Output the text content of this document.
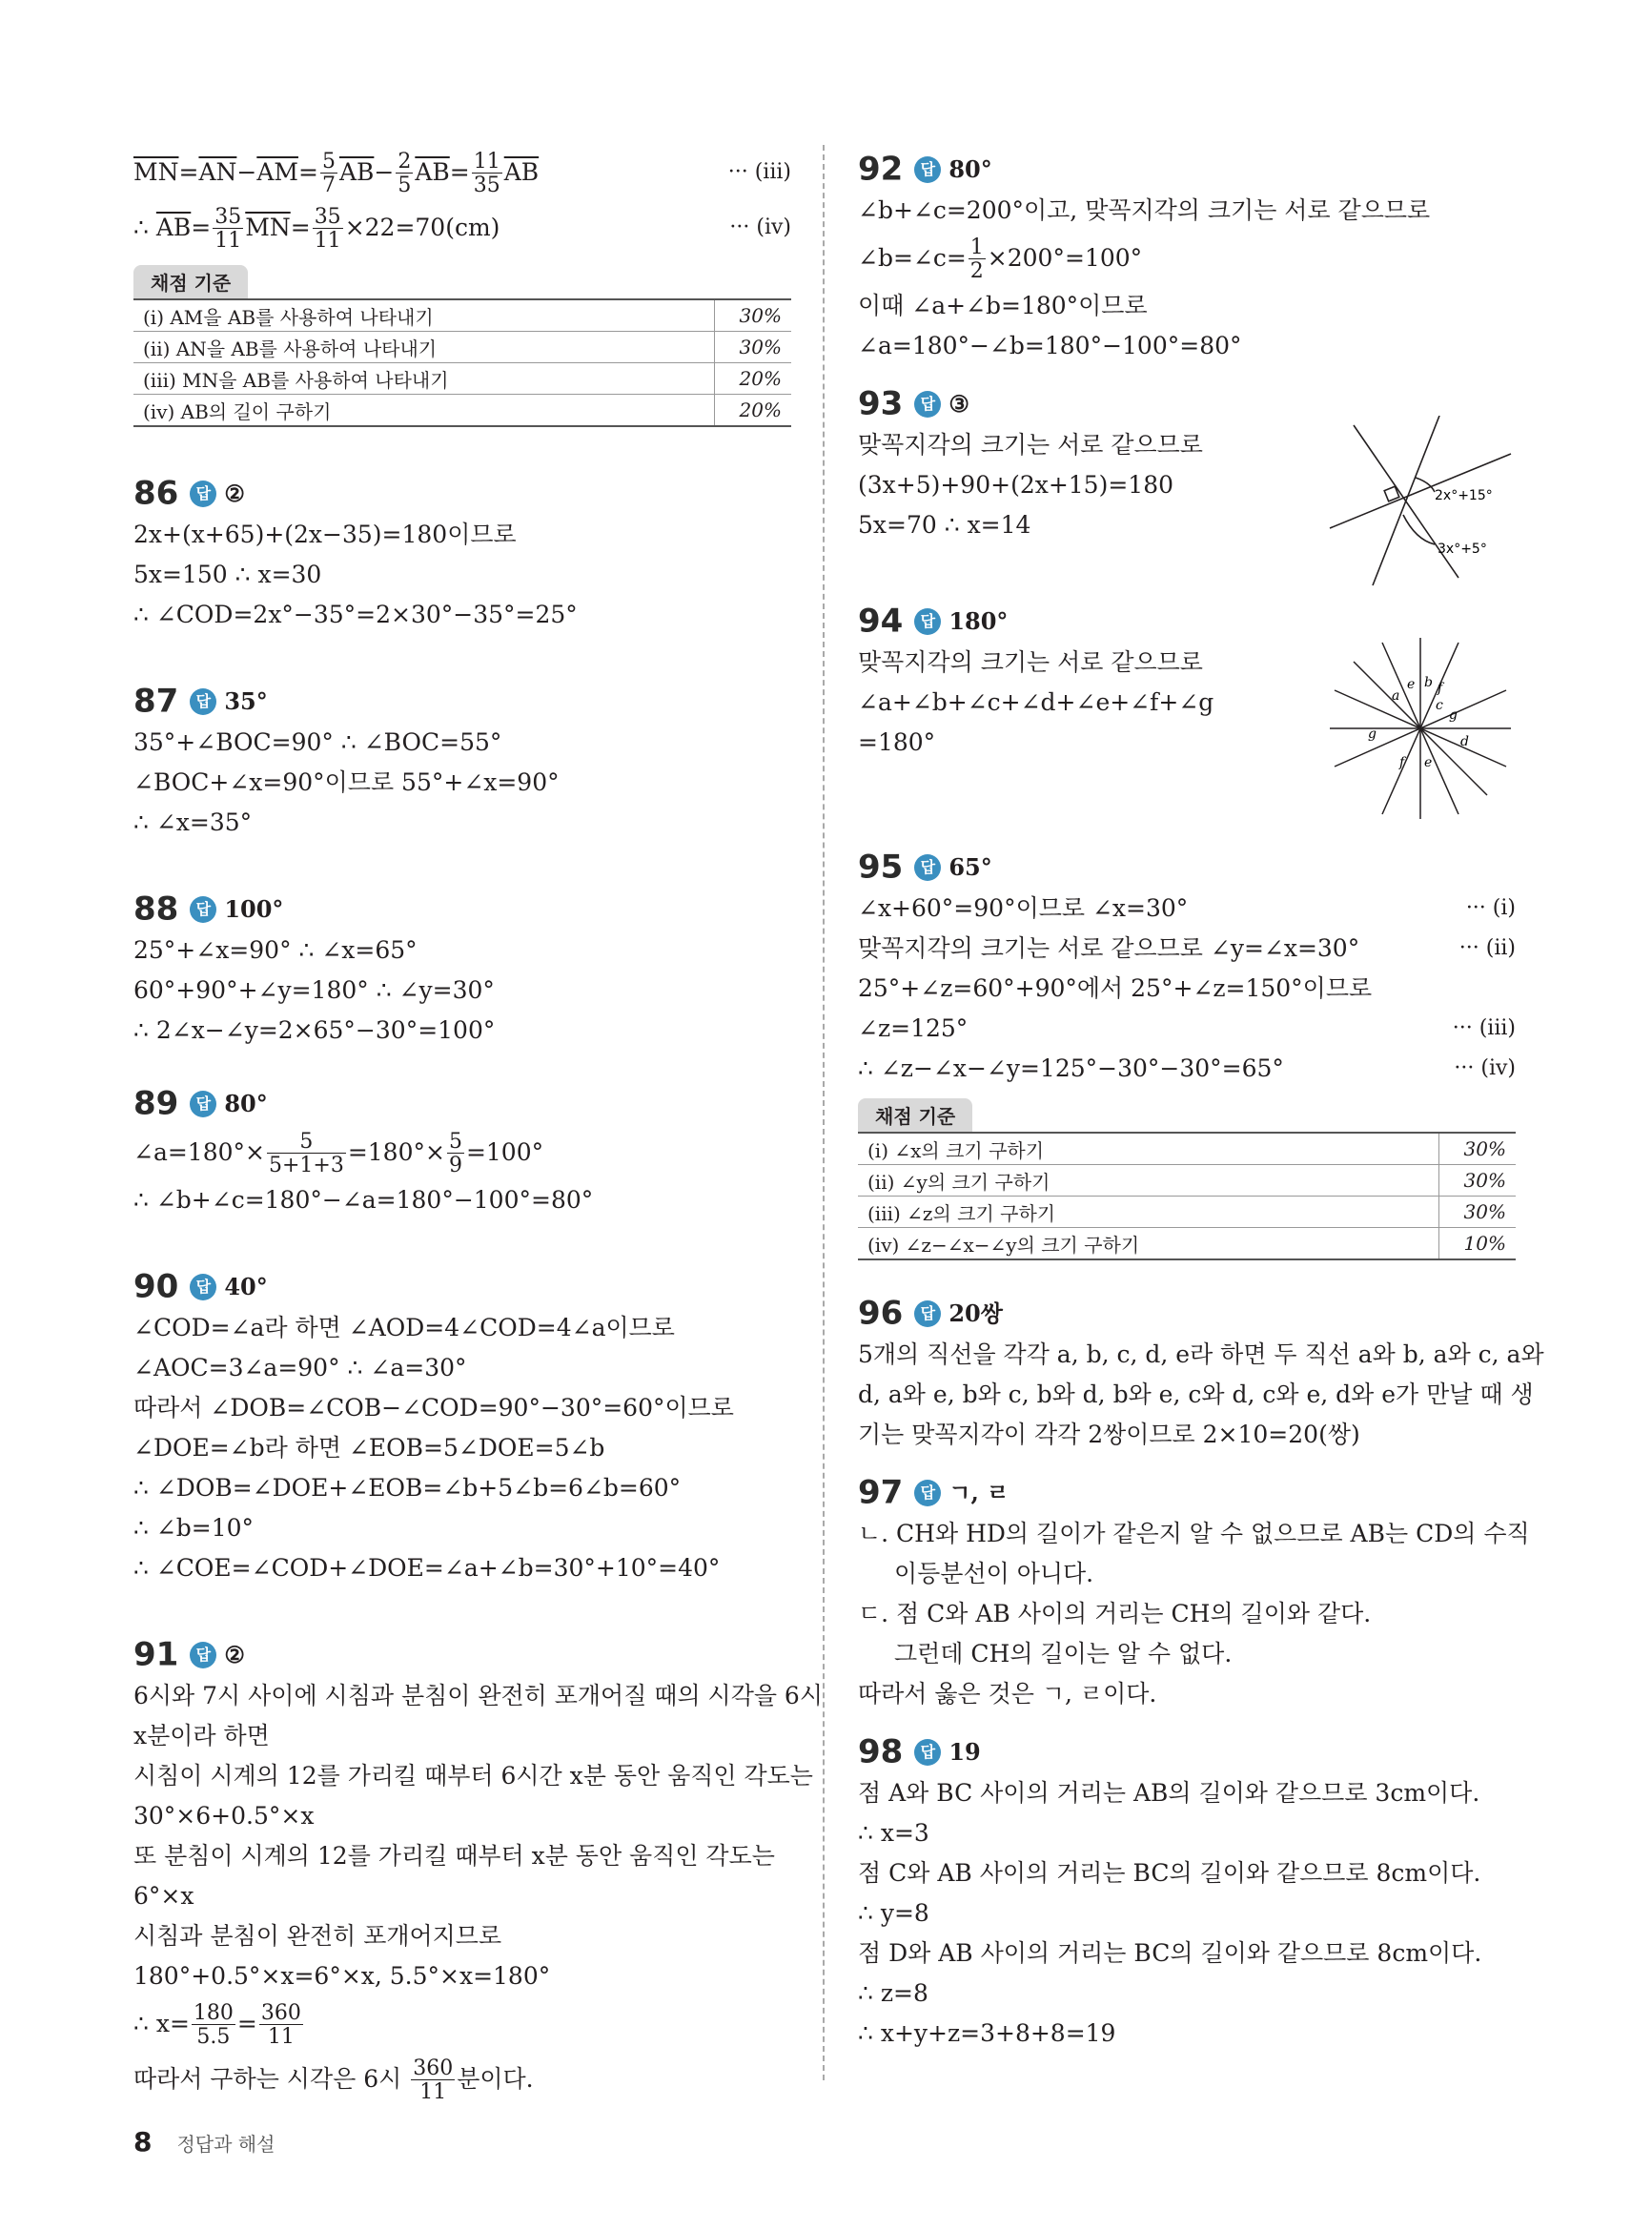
$\overline{MN}=\overline{AN}-\overline{AM}= \frac{5}{7} \overline{AB}- \frac{2}{5} \overline{AB}= \frac{11}{35} \overline{AB}$	··· (iii)
∴ $\overline{AB}= \frac{35}{11} \overline{MN}= \frac{35}{11} \times 22=70(cm)$	··· (iv)
채점 기준
(i) AM을 AB를 사용하여 나타내기	30%
(ii) AN을 AB를 사용하여 나타내기	30%
(iii) MN을 AB를 사용하여 나타내기	20%
(iv) AB의 길이 구하기	20%
86 답 ②
2x+(x+65)+(2x−35)=180이므로
5x=150 ∴ x=30
∴ ∠COD=2x°−35°=2×30°−35°=25°
87 답 35°
35°+∠BOC=90° ∴ ∠BOC=55°
∠BOC+∠x=90°이므로 55°+∠x=90°
∴ ∠x=35°
88 답 100°
25°+∠x=90° ∴ ∠x=65°
60°+90°+∠y=180° ∴ ∠y=30°
∴ 2∠x−∠y=2×65°−30°=100°
89 답 80°
∠a=180°× $\frac{5}{5+1+3} =180^\circ\times \frac{5}{9} =100^\circ$
∴ ∠b+∠c=180°−∠a=180°−100°=80°
90 답 40°
∠COD=∠a라 하면 ∠AOD=4∠COD=4∠a이므로
∠AOC=3∠a=90° ∴ ∠a=30°
따라서 ∠DOB=∠COB−∠COD=90°−30°=60°이므로
∠DOE=∠b라 하면 ∠EOB=5∠DOE=5∠b
∴ ∠DOB=∠DOE+∠EOB=∠b+5∠b=6∠b=60°
∴ ∠b=10°
∴ ∠COE=∠COD+∠DOE=∠a+∠b=30°+10°=40°
91 답 ②
6시와 7시 사이에 시침과 분침이 완전히 포개어질 때의 시각을 6시
x분이라 하면
시침이 시계의 12를 가리킬 때부터 6시간 x분 동안 움직인 각도는
30°×6+0.5°×x
또 분침이 시계의 12를 가리킬 때부터 x분 동안 움직인 각도는
6°×x
시침과 분침이 완전히 포개어지므로
180°+0.5°×x=6°×x, 5.5°×x=180°
∴ $x= \frac{180}{5.5} = \frac{360}{11}$
따라서 구하는 시각은 6시 $\frac{360}{11}$ 분이다.
92 답 80°
∠b+∠c=200°이고, 맞꼭지각의 크기는 서로 같으므로
∠b=∠c= $\frac{1}{2} \times 200^\circ=100^\circ$
이때 ∠a+∠b=180°이므로
∠a=180°−∠b=180°−100°=80°
93 답 ③
맞꼭지각의 크기는 서로 같으므로
(3x+5)+90+(2x+15)=180
5x=70 ∴ x=14
2x°+15°
3x°+5°
94 답 180°
맞꼭지각의 크기는 서로 같으므로
∠a+∠b+∠c+∠d+∠e+∠f+∠g
=180°
a
e b f
c
g
g	d
f e
95 답 65°
∠x+60°=90°이므로 ∠x=30°	··· (i)
맞꼭지각의 크기는 서로 같으므로 ∠y=∠x=30°	··· (ii)
25°+∠z=60°+90°에서 25°+∠z=150°이므로
∠z=125°	··· (iii)
∴ ∠z−∠x−∠y=125°−30°−30°=65°	··· (iv)
채점 기준
(i) ∠x의 크기 구하기	30%
(ii) ∠y의 크기 구하기	30%
(iii) ∠z의 크기 구하기	30%
(iv) ∠z−∠x−∠y의 크기 구하기	10%
96 답 20쌍
5개의 직선을 각각 a, b, c, d, e라 하면 두 직선 a와 b, a와 c, a와
d, a와 e, b와 c, b와 d, b와 e, c와 d, c와 e, d와 e가 만날 때 생
기는 맞꼭지각이 각각 2쌍이므로 2×10=20(쌍)
97 답 ㄱ, ㄹ
ㄴ. CH와 HD의 길이가 같은지 알 수 없으므로 AB는 CD의 수직
이등분선이 아니다.
ㄷ. 점 C와 AB 사이의 거리는 CH의 길이와 같다.
그런데 CH의 길이는 알 수 없다.
따라서 옳은 것은 ㄱ, ㄹ이다.
98 답 19
점 A와 BC 사이의 거리는 AB의 길이와 같으므로 3cm이다.
∴ x=3
점 C와 AB 사이의 거리는 BC의 길이와 같으므로 8cm이다.
∴ y=8
점 D와 AB 사이의 거리는 BC의 길이와 같으므로 8cm이다.
∴ z=8
∴ x+y+z=3+8+8=19
8 정답과 해설
